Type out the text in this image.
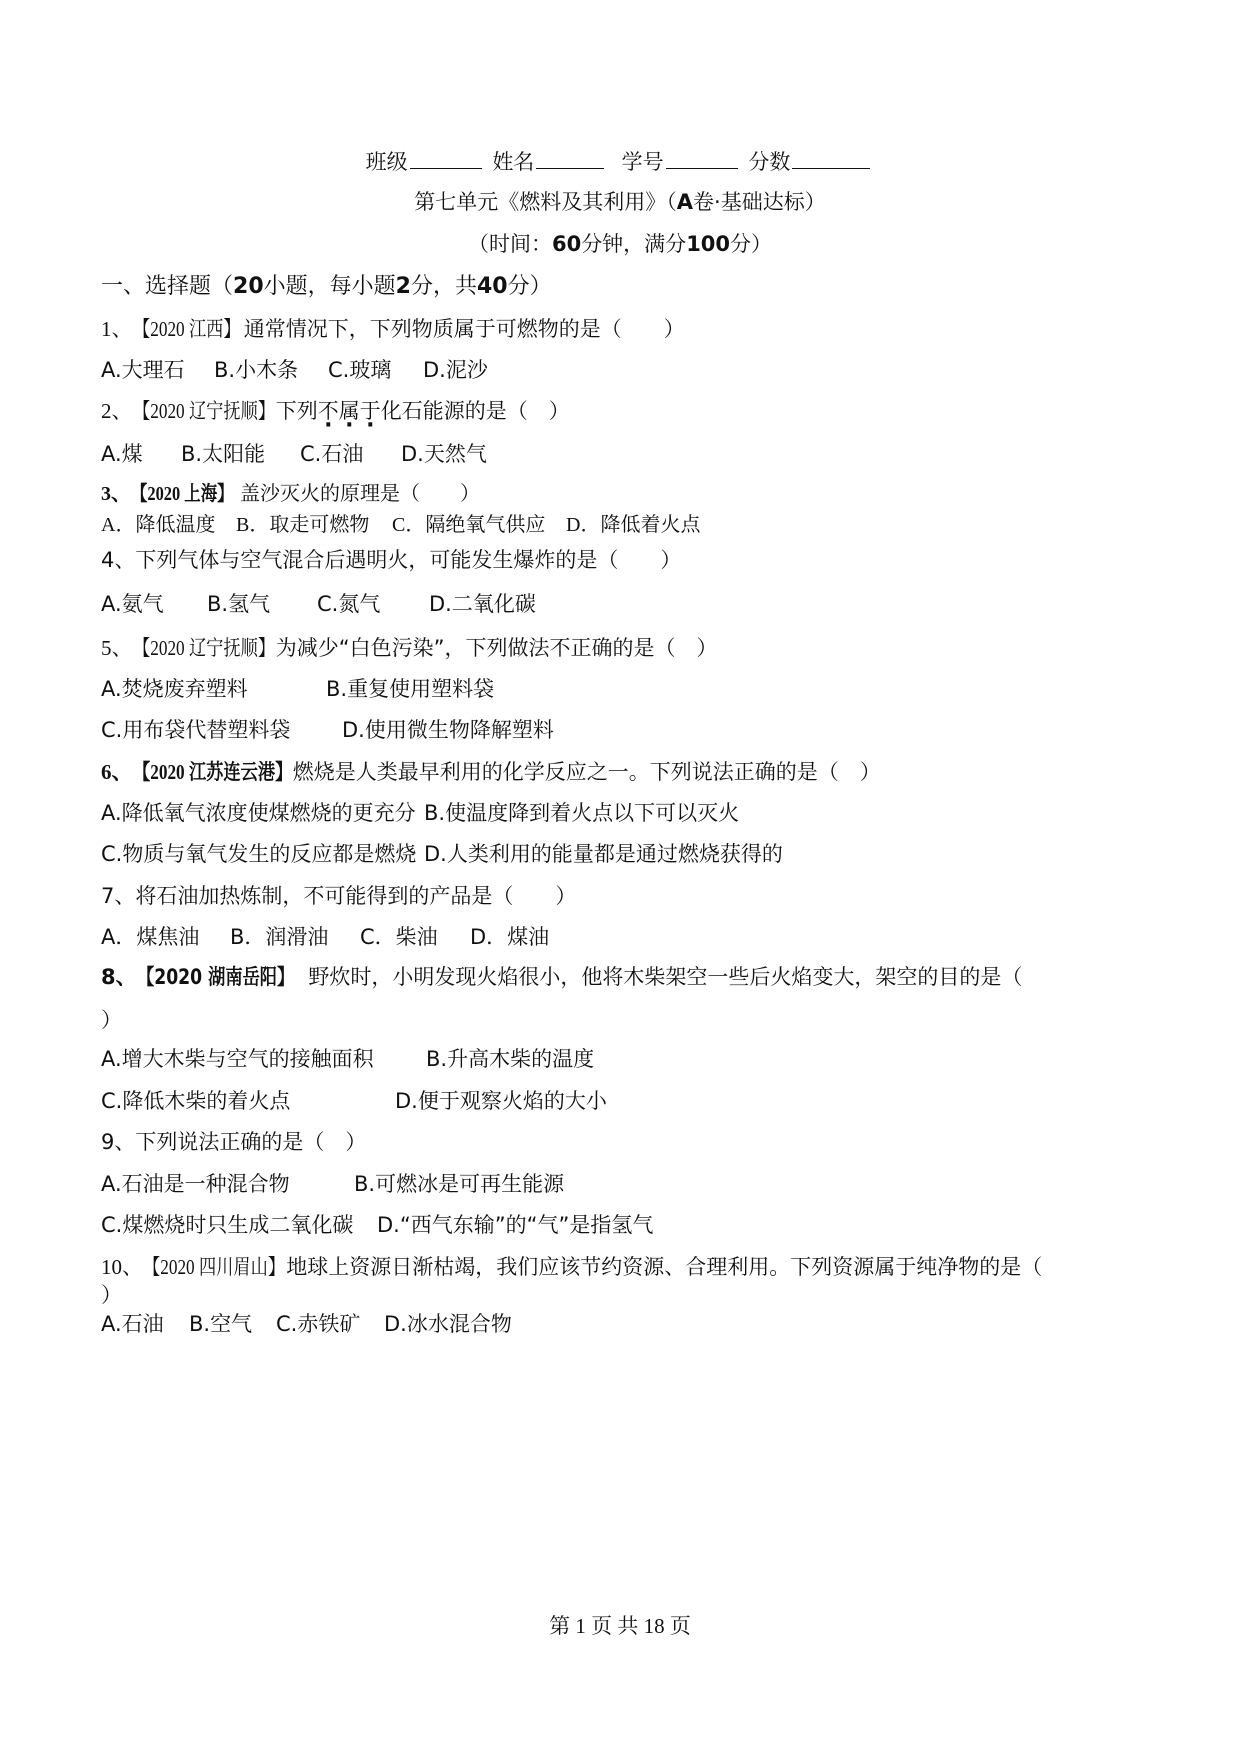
班级	姓名	学号	分数
第七单元《燃料及其利用》（A卷·基础达标）
（时间：60分钟，满分100分）
一、选择题（20小题，每小题2分，共40分）
1、【2020 江西】 通常情况下，下列物质属于可燃物的是（　　）
A.大理石 B.小木条 C.玻璃 D.泥沙
2、【2020 辽宁抚顺】下列不属于化石能源的是（　）
A.煤 B.太阳能 C.石油 D.天然气
3、【2020 上海】 盖沙灭火的原理是（　　）
A．降低温度 B．取走可燃物 C．隔绝氧气供应 D．降低着火点
4、下列气体与空气混合后遇明火，可能发生爆炸的是（　　）
A.氨气 B.氢气 C.氮气 D.二氧化碳
5、【2020 辽宁抚顺】为减少“白色污染”，下列做法不正确的是（　）
A.焚烧废弃塑料	B.重复使用塑料袋
C.用布袋代替塑料袋 D.使用微生物降解塑料
6、【2020 江苏连云港】燃烧是人类最早利用的化学反应之一。下列说法正确的是（　）
A.降低氧气浓度使煤燃烧的更充分 B.使温度降到着火点以下可以灭火
C.物质与氧气发生的反应都是燃烧 D.人类利用的能量都是通过燃烧获得的
7、将石油加热炼制，不可能得到的产品是（　　）
A．煤焦油 B．润滑油 C．柴油 D．煤油
8、【2020 湖南岳阳】 野炊时，小明发现火焰很小，他将木柴架空一些后火焰变大，架空的目的是（
）
A.增大木柴与空气的接触面积 B.升高木柴的温度
C.降低木柴的着火点	D.便于观察火焰的大小
9、下列说法正确的是（　）
A.石油是一种混合物	B.可燃冰是可再生能源
C.煤燃烧时只生成二氧化碳 D.“西气东输”的“气”是指氢气
10、【2020 四川眉山】地球上资源日渐枯竭，我们应该节约资源、合理利用。下列资源属于纯净物的是（
）
A.石油 B.空气 C.赤铁矿 D.冰水混合物
第 1 页 共 18 页
